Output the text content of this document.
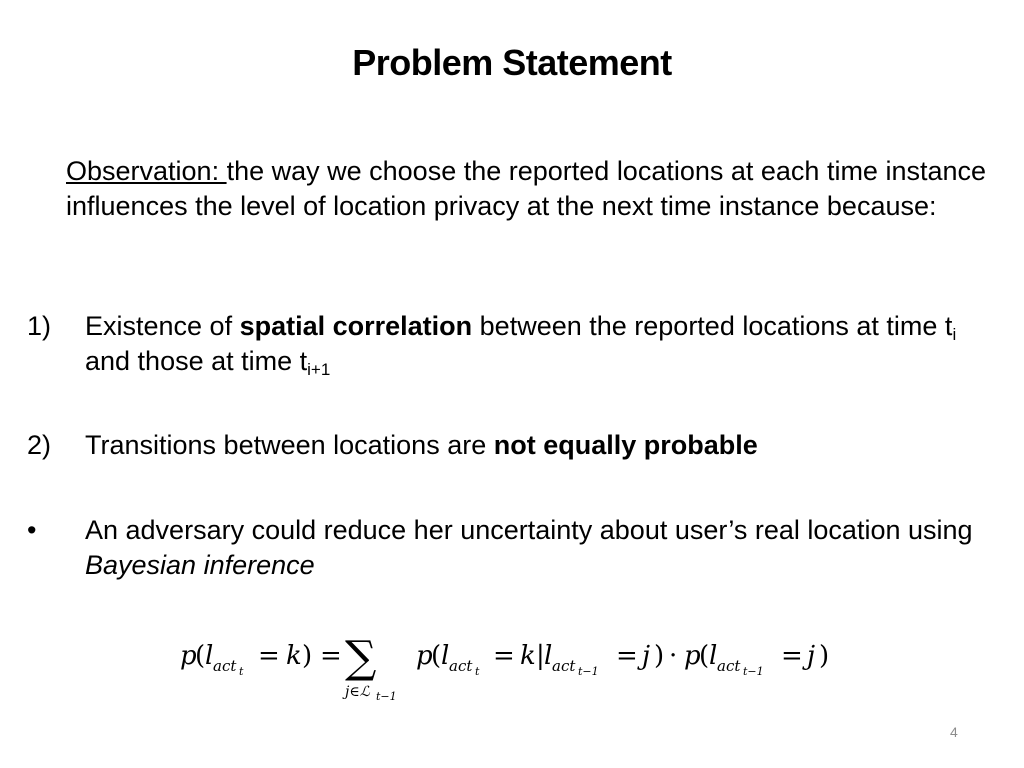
Problem Statement
Observation: the way we choose the reported locations at each time instance influences the level of location privacy at the next time instance because:
1) Existence of spatial correlation between the reported locations at time $t_i$ and those at time $t_{i+1}$
2) Transitions between locations are not equally probable
• An adversary could reduce her uncertainty about user’s real location using Bayesian inference
p
( l act t
= k ) = ∑
j∈ℒ t−1
p
( l act t
= k | l act t−1
= j ) · p
( l act t−1
= j )
4
